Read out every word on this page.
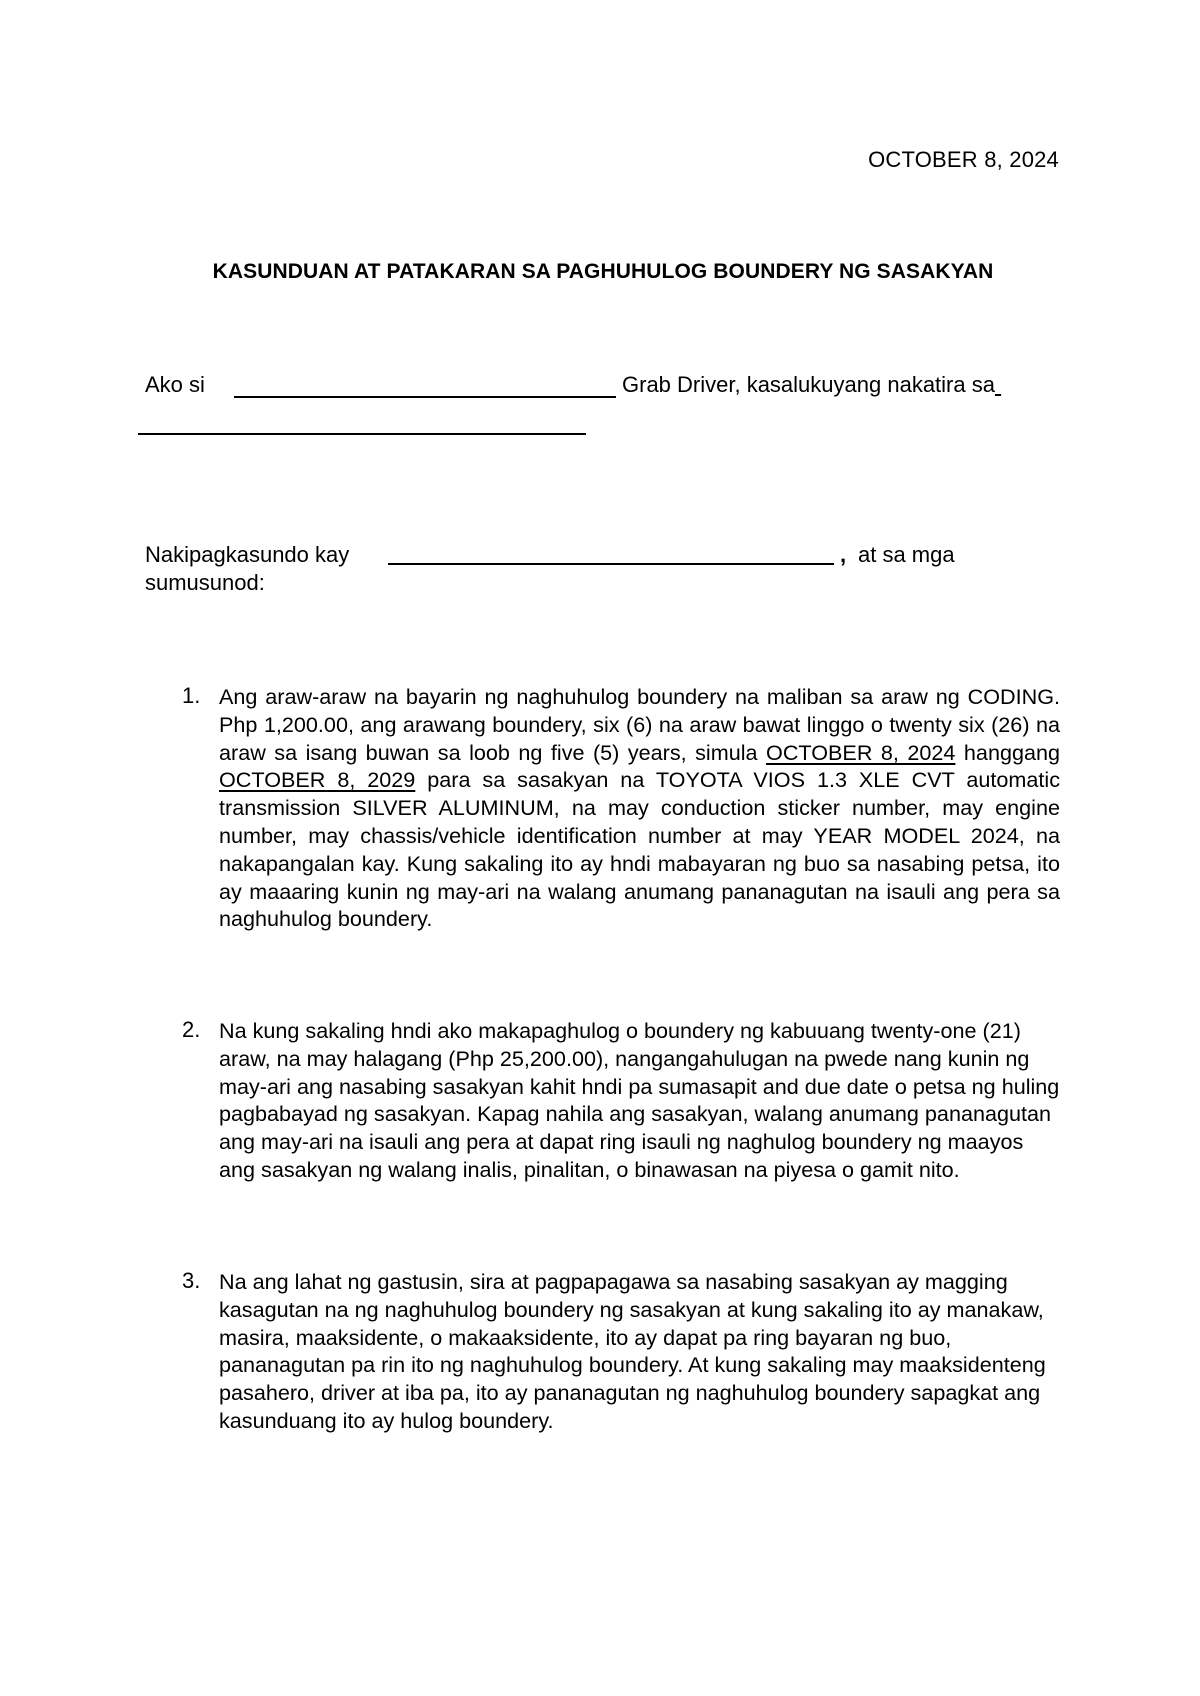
OCTOBER 8, 2024
KASUNDUAN AT PATAKARAN SA PAGHUHULOG BOUNDERY NG SASAKYAN
Ako si	Grab Driver, kasalukuyang nakatira sa
Nakipagkasundo kay	, at sa mga
sumusunod:
1. Ang araw-araw na bayarin ng naghuhulog boundery na maliban sa araw ng CODING. Php 1,200.00, ang arawang boundery, six (6) na araw bawat linggo o twenty six (26) na araw sa isang buwan sa loob ng five (5) years, simula OCTOBER 8, 2024 hanggang OCTOBER 8, 2029 para sa sasakyan na TOYOTA VIOS 1.3 XLE CVT automatic transmission SILVER ALUMINUM, na may conduction sticker number, may engine number, may chassis/vehicle identification number at may YEAR MODEL 2024, na nakapangalan kay. Kung sakaling ito ay hndi mabayaran ng buo sa nasabing petsa, ito ay maaaring kunin ng may-ari na walang anumang pananagutan na isauli ang pera sa naghuhulog boundery.
2. Na kung sakaling hndi ako makapaghulog o boundery ng kabuuang twenty-one (21) araw, na may halagang (Php 25,200.00), nangangahulugan na pwede nang kunin ng may-ari ang nasabing sasakyan kahit hndi pa sumasapit and due date o petsa ng huling pagbabayad ng sasakyan. Kapag nahila ang sasakyan, walang anumang pananagutan ang may-ari na isauli ang pera at dapat ring isauli ng naghulog boundery ng maayos ang sasakyan ng walang inalis, pinalitan, o binawasan na piyesa o gamit nito.
3. Na ang lahat ng gastusin, sira at pagpapagawa sa nasabing sasakyan ay magging kasagutan na ng naghuhulog boundery ng sasakyan at kung sakaling ito ay manakaw, masira, maaksidente, o makaaksidente, ito ay dapat pa ring bayaran ng buo, pananagutan pa rin ito ng naghuhulog boundery. At kung sakaling may maaksidenteng pasahero, driver at iba pa, ito ay pananagutan ng naghuhulog boundery sapagkat ang kasunduang ito ay hulog boundery.
